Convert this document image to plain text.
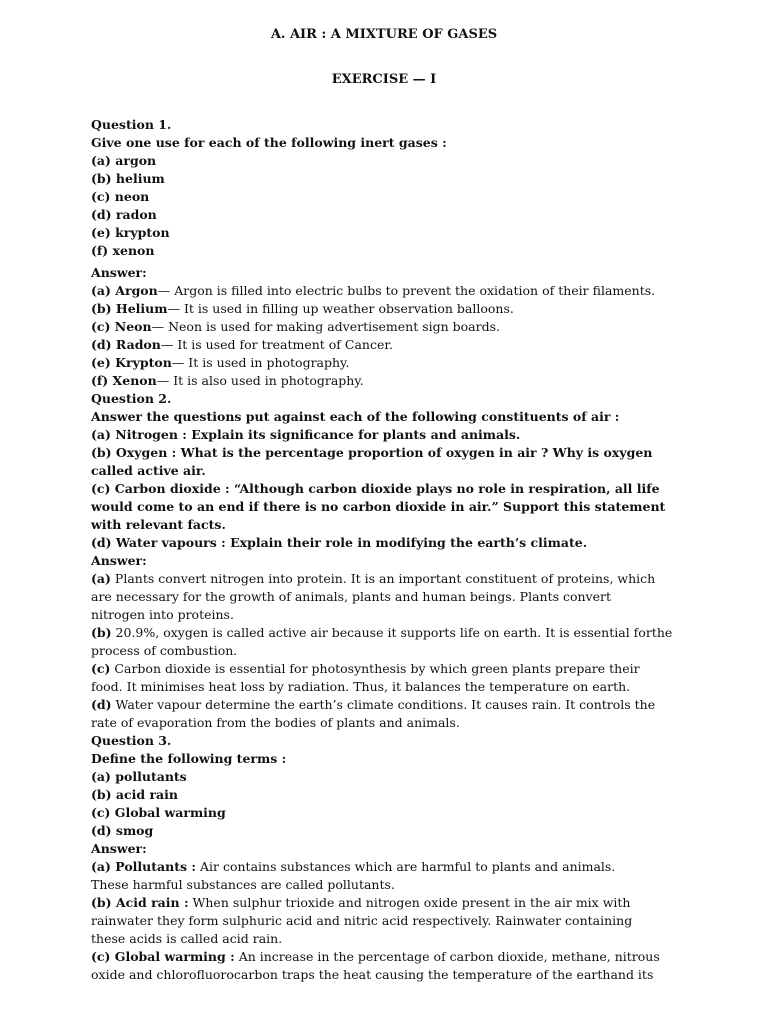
A. AIR : A MIXTURE OF GASES
EXERCISE — I
Question 1.
Give one use for each of the following inert gases :
(a) argon
(b) helium
(c) neon
(d) radon
(e) krypton
(f) xenon
Answer:
(a) Argon— Argon is filled into electric bulbs to prevent the oxidation of their filaments.
(b) Helium— It is used in filling up weather observation balloons.
(c) Neon— Neon is used for making advertisement sign boards.
(d) Radon— It is used for treatment of Cancer.
(e) Krypton— It is used in photography.
(f) Xenon— It is also used in photography.
Question 2.
Answer the questions put against each of the following constituents of air :
(a) Nitrogen : Explain its significance for plants and animals.
(b) Oxygen : What is the percentage proportion of oxygen in air ? Why is oxygen
called active air.
(c) Carbon dioxide : “Although carbon dioxide plays no role in respiration, all life
would come to an end if there is no carbon dioxide in air.” Support this statement
with relevant facts.
(d) Water vapours : Explain their role in modifying the earth’s climate.
Answer:
(a) Plants convert nitrogen into protein. It is an important constituent of proteins, which
are necessary for the growth of animals, plants and human beings. Plants convert
nitrogen into proteins.
(b) 20.9%, oxygen is called active air because it supports life on earth. It is essential forthe
process of combustion.
(c) Carbon dioxide is essential for photosynthesis by which green plants prepare their
food. It minimises heat loss by radiation. Thus, it balances the temperature on earth.
(d) Water vapour determine the earth’s climate conditions. It causes rain. It controls the
rate of evaporation from the bodies of plants and animals.
Question 3.
Define the following terms :
(a) pollutants
(b) acid rain
(c) Global warming
(d) smog
Answer:
(a) Pollutants : Air contains substances which are harmful to plants and animals.
These harmful substances are called pollutants.
(b) Acid rain : When sulphur trioxide and nitrogen oxide present in the air mix with
rainwater they form sulphuric acid and nitric acid respectively. Rainwater containing
these acids is called acid rain.
(c) Global warming : An increase in the percentage of carbon dioxide, methane, nitrous
oxide and chlorofluorocarbon traps the heat causing the temperature of the earthand its
